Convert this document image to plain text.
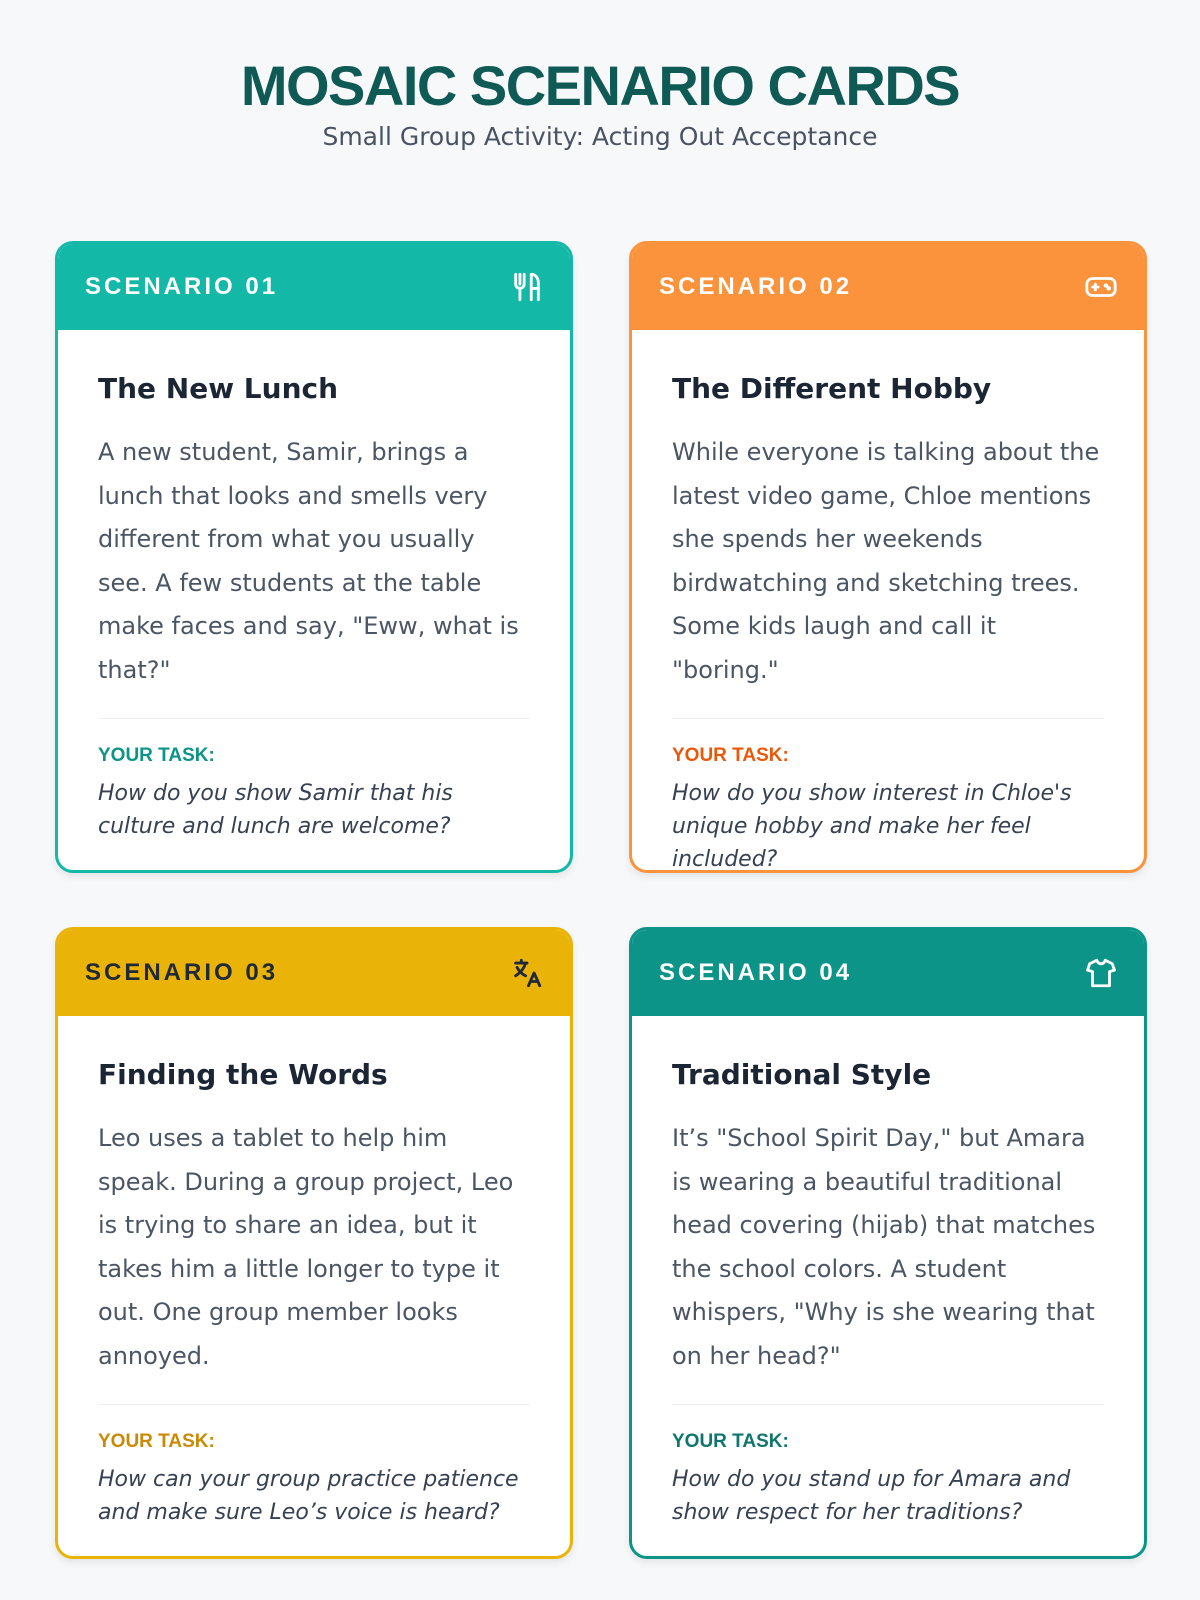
MOSAIC SCENARIO CARDS
Small Group Activity: Acting Out Acceptance
SCENARIO 01
The New Lunch

A new student, Samir, brings a lunch that looks and smells very different from what you usually see. A few students at the table make faces and say, "Eww, what is that?"

YOUR TASK:
How do you show Samir that his culture and lunch are welcome?
SCENARIO 02
The Different Hobby

While everyone is talking about the latest video game, Chloe mentions she spends her weekends birdwatching and sketching trees. Some kids laugh and call it "boring."

YOUR TASK:
How do you show interest in Chloe's unique hobby and make her feel included?
SCENARIO 03
Finding the Words

Leo uses a tablet to help him speak. During a group project, Leo is trying to share an idea, but it takes him a little longer to type it out. One group member looks annoyed.

YOUR TASK:
How can your group practice patience and make sure Leo’s voice is heard?
SCENARIO 04
Traditional Style

It’s "School Spirit Day," but Amara is wearing a beautiful traditional head covering (hijab) that matches the school colors. A student whispers, "Why is she wearing that on her head?"

YOUR TASK:
How do you stand up for Amara and show respect for her traditions?
